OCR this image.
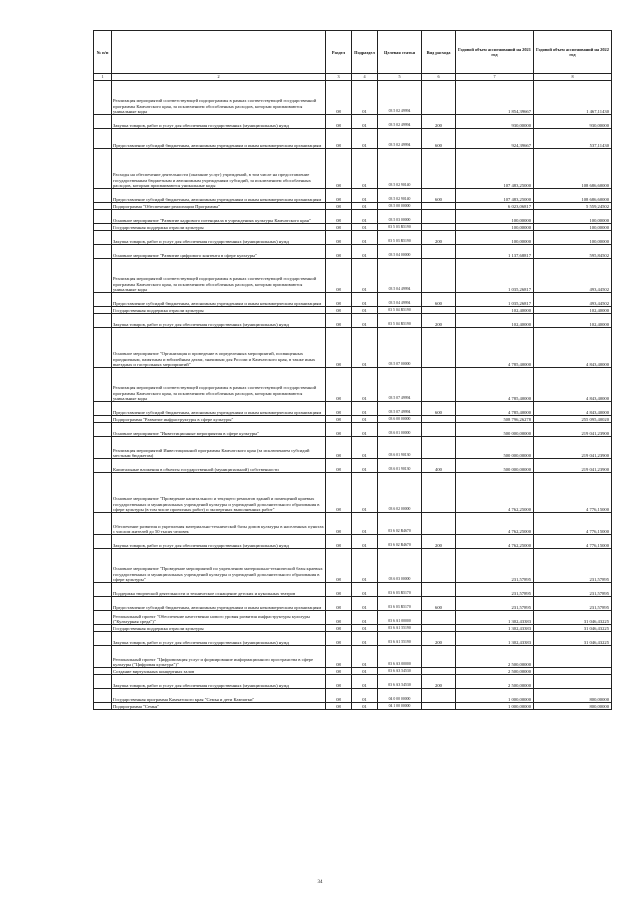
№ п/п		Раздел	Подраздел	Целевая статья	Вид расхода	Годовой объем ассигнований на 2021 год	Годовой объем ассигнований на 2022 год
1	2	3	4	5	6	7	8
	Реализация мероприятий соответствующей подпрограммы в рамках соответствующей государственной программы Камчатского края, за исключением обособленных расходов, которым присваиваются уникальные коды	08	01	03 5 02 49994		1 854,39667	1 467,11430
	Закупка товаров, работ и услуг для обеспечения государственных (муниципальных) нужд	08	01	03 5 02 49994	200	930,00000	930,00000
	Предоставление субсидий бюджетным, автономным учреждениям и иным некоммерческим организациям	08	01	03 5 02 49994	600	924,39667	537,11430
	Расходы на обеспечение деятельности (оказание услуг) учреждений, в том числе на предоставление государственным бюджетным и автономным учреждениям субсидий, за исключением обособленных расходов, которым присваиваются уникальные коды	08	01	03 5 02 90140		107 483,25000	108 686,60000
	Предоставление субсидий бюджетным, автономным учреждениям и иным некоммерческим организациям	08	01	03 5 02 90140	600	107 483,25000	108 686,60000
	Подпрограмма "Обеспечение реализации Программы"	08	01	03 5 00 00000		6 023,06817	5 559,24502
	Основное мероприятие "Развитие кадрового потенциала в учреждениях культуры Камчатского края"	08	01	03 5 03 00000		100,00000	100,00000
	Государственная поддержка отрасли культуры	08	01	03 5 03 R5190		100,00000	100,00000
	Закупка товаров, работ и услуг для обеспечения государственных (муниципальных) нужд	08	01	03 5 03 R5190	200	100,00000	100,00000
	Основное мероприятие "Развитие цифрового контента в сфере культуры"	08	01	03 5 04 00000		1 137,68817	595,84502
	Реализация мероприятий соответствующей подпрограммы в рамках соответствующей государственной программы Камчатского края, за исключением обособленных расходов, которым присваиваются уникальные коды	08	01	03 5 04 49994		1 035,26817	493,44502
	Предоставление субсидий бюджетным, автономным учреждениям и иным некоммерческим организациям	08	01	03 5 04 49994	600	1 035,26817	493,44502
	Государственная поддержка отрасли культуры	08	01	03 5 04 R5190		102,40000	102,40000
	Закупка товаров, работ и услуг для обеспечения государственных (муниципальных) нужд	08	01	03 5 04 R5190	200	102,40000	102,40000
	Основное мероприятие "Организация и проведение в определенных мероприятий, посвященных праздничным, памятным и юбилейным датам, значимым для России и Камчатского края, в также иных выездных и гастрольных мероприятий"	08	01	03 5 07 00000		4 785,40000	4 843,40000
	Реализация мероприятий соответствующей подпрограммы в рамках соответствующей государственной программы Камчатского края, за исключением обособленных расходов, которым присваиваются уникальные коды	08	01	03 5 07 49994		4 785,40000	4 843,40000
	Предоставление субсидий бюджетным, автономным учреждениям и иным некоммерческим организациям	08	01	03 5 07 49994	600	4 785,40000	4 843,40000
	Подпрограмма "Развитие инфраструктуры в сфере культуры"	08	01	03 6 00 00000		508 796,26278	255 095,40020
	Основное мероприятие "Инвестиционные мероприятия в сфере культуры"	08	01	03 6 01 00000		500 000,00000	219 041,23900
	Реализация мероприятий Инвестиционной программы Камчатского края (за исключением субсидий местным бюджетам)	08	01	03 6 01 90130		500 000,00000	219 041,23900
	Капитальные вложения в объекты государственной (муниципальной) собственности	08	01	03 6 01 90130	400	500 000,00000	219 041,23900
	Основное мероприятие "Проведение капитального и текущего ремонтов зданий и помещений краевых государственных и муниципальных учреждений культуры и учреждений дополнительного образования в сфере культуры (в том числе проектных работ) и экспертных выполненных работ"	08	01	03 6 02 00000		4 762,25000	4 776,15000
	Обеспечение развития и укрепления материально-технической базы домов культуры в населенных пунктах с числом жителей до 50 тысяч человек	08	01	03 6 02 R4670		4 762,25000	4 776,15000
	Закупка товаров, работ и услуг для обеспечения государственных (муниципальных) нужд	08	01	03 6 02 R4670	200	4 762,25000	4 776,15000
	Основное мероприятие "Проведение мероприятий по укреплению материально-технической базы краевых государственных и муниципальных учреждений культуры и учреждений дополнительного образования в сфере культуры"	08	01	03 6 03 00000		231,57895	231,57895
	Поддержка творческой деятельности и техническое оснащение детских и кукольных театров	08	01	03 6 03 R5170		231,57895	231,57895
	Предоставление субсидий бюджетным, автономным учреждениям и иным некоммерческим организациям	08	01	03 6 03 R5170	600	231,57895	231,57895
	Региональный проект "Обеспечение качественно нового уровня развития инфраструктуры культуры ("Культурная среда")"	08	01	03 6 A1 00000		1 302,43383	31 046,43225
	Государственная поддержка отрасли культуры	08	01	03 6 A1 55190		1 302,43383	31 046,43225
	Закупка товаров, работ и услуг для обеспечения государственных (муниципальных) нужд	08	01	03 6 A1 55190	200	1 302,43383	31 046,43225
	Региональный проект "Цифровизация услуг и формирование информационного пространства в сфере культуры ("Цифровая культура")"	08	01	03 6 A3 00000		2 500,00000	
	Создание виртуальных концертных залов	08	01	03 6 A3 54530		2 500,00000	
	Закупка товаров, работ и услуг для обеспечения государственных (муниципальных) нужд	08	01	03 6 A3 54530	200	2 500,00000	
	Государственная программа Камчатского края "Семья и дети Камчатки"	08	01	04 0 00 00000		1 000,00000	800,00000
	Подпрограмма "Семья"	08	01	04 1 00 00000		1 000,00000	800,00000
34
